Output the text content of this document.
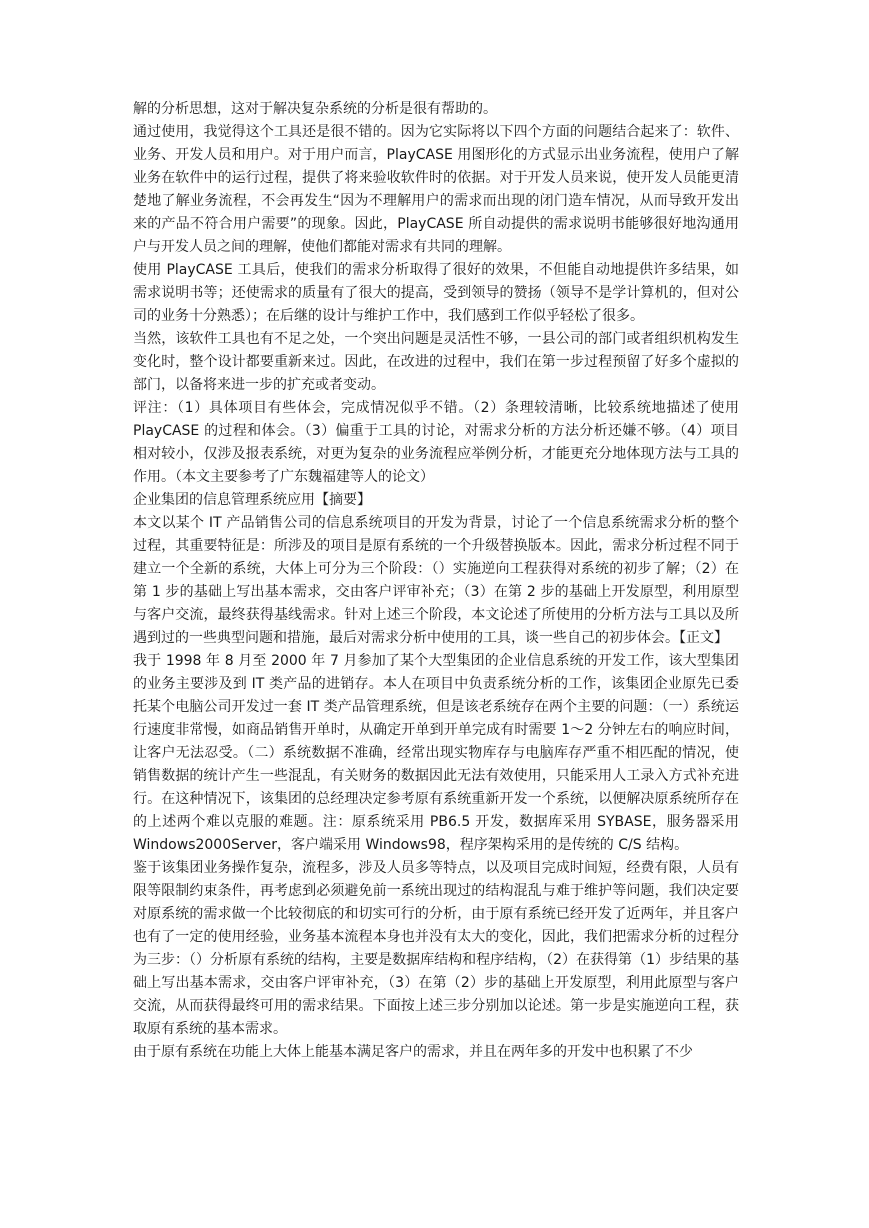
解的分析思想，这对于解决复杂系统的分析是很有帮助的。

通过使用，我觉得这个工具还是很不错的。因为它实际将以下四个方面的问题结合起来了：软件、业务、开发人员和用户。对于用户而言，PlayCASE 用图形化的方式显示出业务流程，使用户了解业务在软件中的运行过程，提供了将来验收软件时的依据。对于开发人员来说，使开发人员能更清楚地了解业务流程，不会再发生“因为不理解用户的需求而出现的闭门造车情况，从而导致开发出来的产品不符合用户需要”的现象。因此，PlayCASE 所自动提供的需求说明书能够很好地沟通用户与开发人员之间的理解，使他们都能对需求有共同的理解。

使用 PlayCASE 工具后，使我们的需求分析取得了很好的效果，不但能自动地提供许多结果，如需求说明书等；还使需求的质量有了很大的提高，受到领导的赞扬（领导不是学计算机的，但对公司的业务十分熟悉）；在后继的设计与维护工作中，我们感到工作似乎轻松了很多。

当然，该软件工具也有不足之处，一个突出问题是灵活性不够，一县公司的部门或者组织机构发生变化时，整个设计都要重新来过。因此，在改进的过程中，我们在第一步过程预留了好多个虚拟的部门，以备将来进一步的扩充或者变动。

评注：（1）具体项目有些体会，完成情况似乎不错。（2）条理较清晰，比较系统地描述了使用 PlayCASE 的过程和体会。（3）偏重于工具的讨论，对需求分析的方法分析还嫌不够。（4）项目相对较小，仅涉及报表系统，对更为复杂的业务流程应举例分析，才能更充分地体现方法与工具的作用。（本文主要参考了广东魏福建等人的论文）

企业集团的信息管理系统应用【摘要】

本文以某个 IT 产品销售公司的信息系统项目的开发为背景，讨论了一个信息系统需求分析的整个过程，其重要特征是：所涉及的项目是原有系统的一个升级替换版本。因此，需求分析过程不同于建立一个全新的系统，大体上可分为三个阶段：（）实施逆向工程获得对系统的初步了解；（2）在第 1 步的基础上写出基本需求，交由客户评审补充；（3）在第 2 步的基础上开发原型，利用原型与客户交流，最终获得基线需求。针对上述三个阶段，本文论述了所使用的分析方法与工具以及所遇到过的一些典型问题和措施，最后对需求分析中使用的工具，谈一些自己的初步体会。【正文】

我于 1998 年 8 月至 2000 年 7 月参加了某个大型集团的企业信息系统的开发工作，该大型集团的业务主要涉及到 IT 类产品的进销存。本人在项目中负责系统分析的工作，该集团企业原先已委托某个电脑公司开发过一套 IT 类产品管理系统，但是该老系统存在两个主要的问题：（一）系统运行速度非常慢，如商品销售开单时，从确定开单到开单完成有时需要 1～2 分钟左右的响应时间，让客户无法忍受。（二）系统数据不准确，经常出现实物库存与电脑库存严重不相匹配的情况，使销售数据的统计产生一些混乱，有关财务的数据因此无法有效使用，只能采用人工录入方式补充进行。在这种情况下，该集团的总经理决定参考原有系统重新开发一个系统，以便解决原系统所存在的上述两个难以克服的难题。注：原系统采用 PB6.5 开发，数据库采用 SYBASE，服务器采用 Windows2000Server，客户端采用 Windows98，程序架构采用的是传统的 C/S 结构。

鉴于该集团业务操作复杂，流程多，涉及人员多等特点，以及项目完成时间短，经费有限，人员有限等限制约束条件，再考虑到必须避免前一系统出现过的结构混乱与难于维护等问题，我们决定要对原系统的需求做一个比较彻底的和切实可行的分析，由于原有系统已经开发了近两年，并且客户也有了一定的使用经验，业务基本流程本身也并没有太大的变化，因此，我们把需求分析的过程分为三步：（）分析原有系统的结构，主要是数据库结构和程序结构，（2）在获得第（1）步结果的基础上写出基本需求，交由客户评审补充，（3）在第（2）步的基础上开发原型，利用此原型与客户交流，从而获得最终可用的需求结果。下面按上述三步分别加以论述。第一步是实施逆向工程，获取原有系统的基本需求。

由于原有系统在功能上大体上能基本满足客户的需求，并且在两年多的开发中也积累了不少
